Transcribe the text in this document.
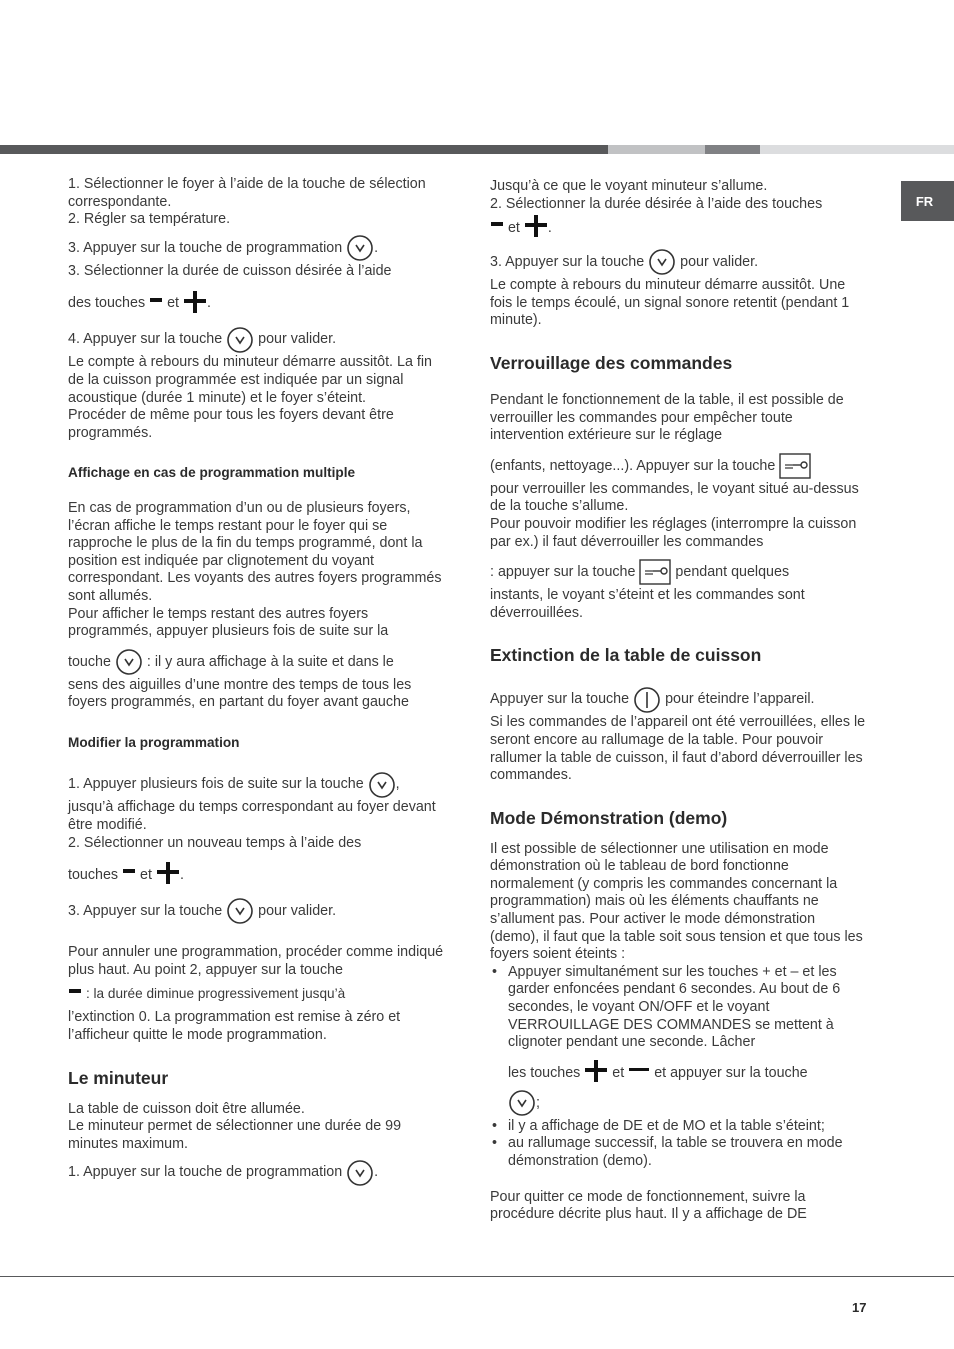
FR

1. Sélectionner le foyer à l’aide de la touche de sélection correspondante.

2. Régler sa température.

3. Appuyer sur la touche de programmation .

3. Sélectionner la durée de cuisson désirée à l’aide

des touches et .

4. Appuyer sur la touche	pour valider.

Le compte à rebours du minuteur démarre aussitôt. La fin de la cuisson programmée est indiquée par un signal acoustique (durée 1 minute) et le foyer s’éteint.

Procéder de même pour tous les foyers devant être programmés.

Affichage en cas de programmation multiple

En cas de programmation d’un ou de plusieurs foyers, l’écran affiche le temps restant pour le foyer qui se rapproche le plus de la fin du temps programmé, dont la position est indiquée par clignotement du voyant correspondant. Les voyants des autres foyers programmés sont allumés.

Pour afficher le temps restant des autres foyers programmés, appuyer plusieurs fois de suite sur la

touche	: il y aura affichage à la suite et dans le

sens des aiguilles d’une montre des temps de tous les foyers programmés, en partant du foyer avant gauche

Modifier la programmation

1. Appuyer plusieurs fois de suite sur la touche ,

jusqu’à affichage du temps correspondant au foyer devant être modifié.

2. Sélectionner un nouveau temps à l’aide des

touches et .

3. Appuyer sur la touche	pour valider.

Pour annuler une programmation, procéder comme indiqué plus haut. Au point 2, appuyer sur la touche

: la durée diminue progressivement jusqu’à

l’extinction 0. La programmation est remise à zéro et l’afficheur quitte le mode programmation.

Le minuteur

La table de cuisson doit être allumée.

Le minuteur permet de sélectionner une durée de 99 minutes maximum.

1. Appuyer sur la touche de programmation .

Jusqu’à ce que le voyant minuteur s’allume.

2. Sélectionner la durée désirée à l’aide des touches

et .

3. Appuyer sur la touche	pour valider.

Le compte à rebours du minuteur démarre aussitôt. Une fois le temps écoulé, un signal sonore retentit (pendant 1 minute).

Verrouillage des commandes

Pendant le fonctionnement de la table, il est possible de verrouiller les commandes pour empêcher toute intervention extérieure sur le réglage

(enfants, nettoyage...). Appuyer sur la touche

pour verrouiller les commandes, le voyant situé au-dessus de la touche s’allume.

Pour pouvoir modifier les réglages (interrompre la cuisson par ex.) il faut déverrouiller les commandes

: appuyer sur la touche	pendant quelques

instants, le voyant s’éteint et les commandes sont déverrouillées.

Extinction de la table de cuisson

Appuyer sur la touche	pour éteindre l’appareil.

Si les commandes de l’appareil ont été verrouillées, elles le seront encore au rallumage de la table. Pour pouvoir rallumer la table de cuisson, il faut d’abord déverrouiller les commandes.

Mode Démonstration (demo)

Il est possible de sélectionner une utilisation en mode démonstration où le tableau de bord fonctionne normalement (y compris les commandes concernant la programmation) mais où les éléments chauffants ne s’allument pas. Pour activer le mode démonstration (demo), il faut que la table soit sous tension et que tous les foyers soient éteints :

• Appuyer simultanément sur les touches + et – et les garder enfoncées pendant 6 secondes. Au bout de 6 secondes, le voyant ON/OFF et le voyant VERROUILLAGE DES COMMANDES se mettent à clignoter pendant une seconde. Lâcher
les touches et et appuyer sur la touche
;
• il y a affichage de DE et de MO et la table s’éteint;
• au rallumage successif, la table se trouvera en mode démonstration (demo).

Pour quitter ce mode de fonctionnement, suivre la procédure décrite plus haut. Il y a affichage de DE

17
